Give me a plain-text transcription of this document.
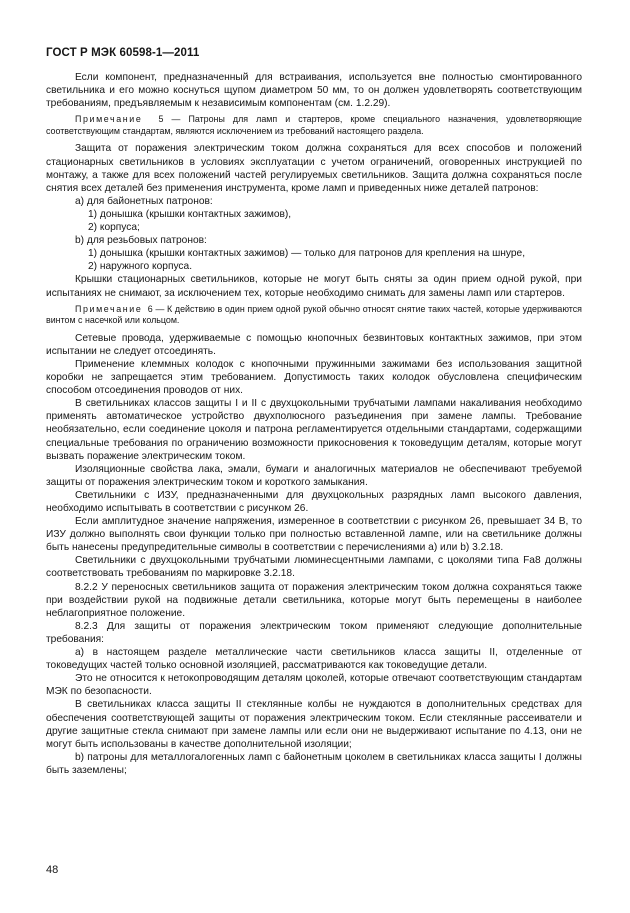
ГОСТ Р МЭК 60598-1—2011

Если компонент, предназначенный для встраивания, используется вне полностью смонтированного светильника и его можно коснуться щупом диаметром 50 мм, то он должен удовлетворять соответствующим требованиям, предъявляемым к независимым компонентам (см. 1.2.29).

Примечание 5 — Патроны для ламп и стартеров, кроме специального назначения, удовлетворяющие соответствующим стандартам, являются исключением из требований настоящего раздела.

Защита от поражения электрическим током должна сохраняться для всех способов и положений стационарных светильников в условиях эксплуатации с учетом ограничений, оговоренных инструкцией по монтажу, а также для всех положений частей регулируемых светильников. Защита должна сохраняться после снятия всех деталей без применения инструмента, кроме ламп и приведенных ниже деталей патронов:

а) для байонетных патронов:

1) донышка (крышки контактных зажимов),

2) корпуса;

b) для резьбовых патронов:

1) донышка (крышки контактных зажимов) — только для патронов для крепления на шнуре,

2) наружного корпуса.

Крышки стационарных светильников, которые не могут быть сняты за один прием одной рукой, при испытаниях не снимают, за исключением тех, которые необходимо снимать для замены ламп или стартеров.

Примечание 6 — К действию в один прием одной рукой обычно относят снятие таких частей, которые удерживаются винтом с насечкой или кольцом.

Сетевые провода, удерживаемые с помощью кнопочных безвинтовых контактных зажимов, при этом испытании не следует отсоединять.

Применение клеммных колодок с кнопочными пружинными зажимами без использования защитной коробки не запрещается этим требованием. Допустимость таких колодок обусловлена специфическим способом отсоединения проводов от них.

В светильниках классов защиты I и II с двухцокольными трубчатыми лампами накаливания необходимо применять автоматическое устройство двухполюсного разъединения при замене лампы. Требование необязательно, если соединение цоколя и патрона регламентируется отдельными стандартами, содержащими специальные требования по ограничению возможности прикосновения к токоведущим деталям, которые могут вызвать поражение электрическим током.

Изоляционные свойства лака, эмали, бумаги и аналогичных материалов не обеспечивают требуемой защиты от поражения электрическим током и короткого замыкания.

Светильники с ИЗУ, предназначенными для двухцокольных разрядных ламп высокого давления, необходимо испытывать в соответствии с рисунком 26.

Если амплитудное значение напряжения, измеренное в соответствии с рисунком 26, превышает 34 В, то ИЗУ должно выполнять свои функции только при полностью вставленной лампе, или на светильнике должны быть нанесены предупредительные символы в соответствии с перечислениями а) или b) 3.2.18.

Светильники с двухцокольными трубчатыми люминесцентными лампами, с цоколями типа Fa8 должны соответствовать требованиям по маркировке 3.2.18.

8.2.2 У переносных светильников защита от поражения электрическим током должна сохраняться также при воздействии рукой на подвижные детали светильника, которые могут быть перемещены в наиболее неблагоприятное положение.

8.2.3 Для защиты от поражения электрическим током применяют следующие дополнительные требования:

а) в настоящем разделе металлические части светильников класса защиты II, отделенные от токоведущих частей только основной изоляцией, рассматриваются как токоведущие детали.

Это не относится к нетокопроводящим деталям цоколей, которые отвечают соответствующим стандартам МЭК по безопасности.

В светильниках класса защиты II стеклянные колбы не нуждаются в дополнительных средствах для обеспечения соответствующей защиты от поражения электрическим током. Если стеклянные рассеиватели и другие защитные стекла снимают при замене лампы или если они не выдерживают испытание по 4.13, они не могут быть использованы в качестве дополнительной изоляции;

b) патроны для металлогалогенных ламп с байонетным цоколем в светильниках класса защиты I должны быть заземлены;

48
